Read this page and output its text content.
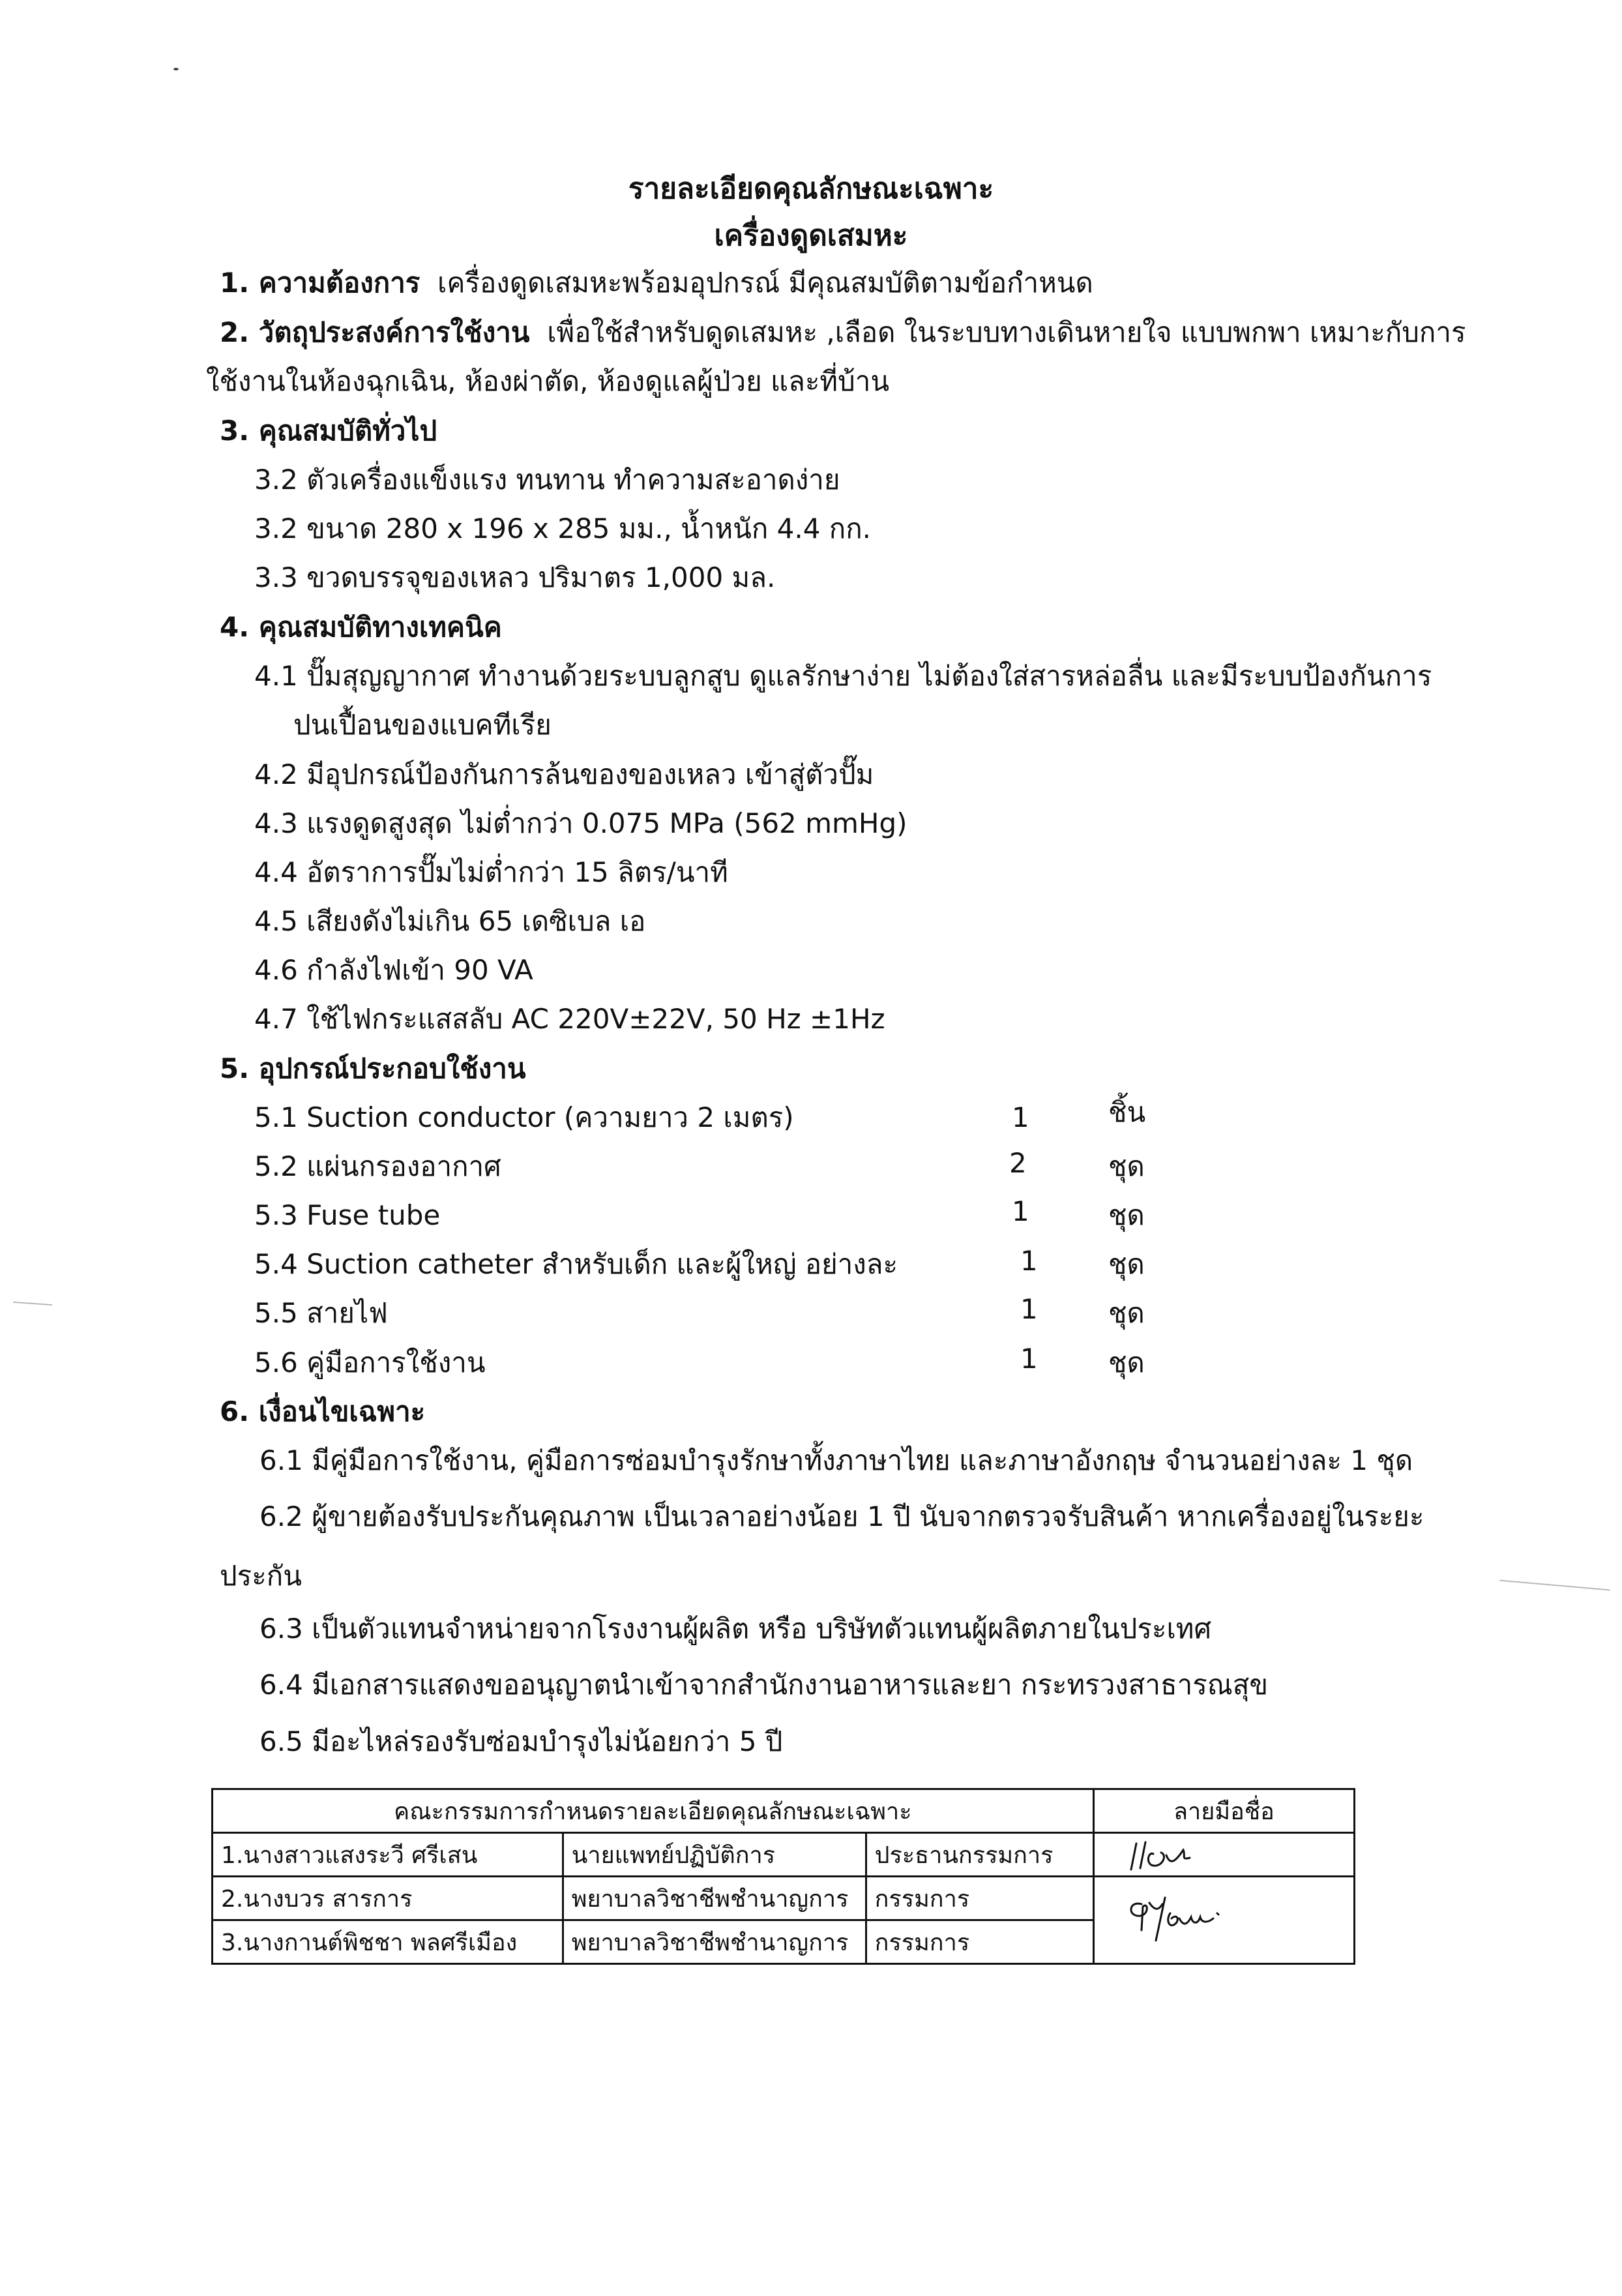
รายละเอียดคุณลักษณะเฉพาะ
เครื่องดูดเสมหะ
1. ความต้องการ เครื่องดูดเสมหะพร้อมอุปกรณ์ มีคุณสมบัติตามข้อกำหนด
2. วัตถุประสงค์การใช้งาน เพื่อใช้สำหรับดูดเสมหะ ,เลือด ในระบบทางเดินหายใจ แบบพกพา เหมาะกับการ
ใช้งานในห้องฉุกเฉิน, ห้องผ่าตัด, ห้องดูแลผู้ป่วย และที่บ้าน
3. คุณสมบัติทั่วไป
3.2 ตัวเครื่องแข็งแรง ทนทาน ทำความสะอาดง่าย
3.2 ขนาด 280 x 196 x 285 มม., น้ำหนัก 4.4 กก.
3.3 ขวดบรรจุของเหลว ปริมาตร 1,000 มล.
4. คุณสมบัติทางเทคนิค
4.1 ปั๊มสุญญากาศ ทำงานด้วยระบบลูกสูบ ดูแลรักษาง่าย ไม่ต้องใส่สารหล่อลื่น และมีระบบป้องกันการ
ปนเปื้อนของแบคทีเรีย
4.2 มีอุปกรณ์ป้องกันการล้นของของเหลว เข้าสู่ตัวปั๊ม
4.3 แรงดูดสูงสุด ไม่ต่ำกว่า 0.075 MPa (562 mmHg)
4.4 อัตราการปั๊มไม่ต่ำกว่า 15 ลิตร/นาที
4.5 เสียงดังไม่เกิน 65 เดซิเบล เอ
4.6 กำลังไฟเข้า 90 VA
4.7 ใช้ไฟกระแสสลับ AC 220V±22V, 50 Hz ±1Hz
5. อุปกรณ์ประกอบใช้งาน
5.1 Suction conductor (ความยาว 2 เมตร)	1	ชิ้น
5.2 แผ่นกรองอากาศ	2	ชุด
5.3 Fuse tube	1	ชุด
5.4 Suction catheter สำหรับเด็ก และผู้ใหญ่ อย่างละ	1	ชุด
5.5 สายไฟ	1	ชุด
5.6 คู่มือการใช้งาน	1	ชุด
6. เงื่อนไขเฉพาะ
6.1 มีคู่มือการใช้งาน, คู่มือการซ่อมบำรุงรักษาทั้งภาษาไทย และภาษาอังกฤษ จำนวนอย่างละ 1 ชุด
6.2 ผู้ขายต้องรับประกันคุณภาพ เป็นเวลาอย่างน้อย 1 ปี นับจากตรวจรับสินค้า หากเครื่องอยู่ในระยะ
ประกัน
6.3 เป็นตัวแทนจำหน่ายจากโรงงานผู้ผลิต หรือ บริษัทตัวแทนผู้ผลิตภายในประเทศ
6.4 มีเอกสารแสดงขออนุญาตนำเข้าจากสำนักงานอาหารและยา กระทรวงสาธารณสุข
6.5 มีอะไหล่รองรับซ่อมบำรุงไม่น้อยกว่า 5 ปี
คณะกรรมการกำหนดรายละเอียดคุณลักษณะเฉพาะ			ลายมือชื่อ
1.นางสาวแสงระวี ศรีเสน	นายแพทย์ปฏิบัติการ	ประธานกรรมการ	

2.นางบวร สารการ	พยาบาลวิชาชีพชำนาญการ	กรรมการ	

3.นางกานต์พิชชา พลศรีเมือง	พยาบาลวิชาชีพชำนาญการ	กรรมการ	
